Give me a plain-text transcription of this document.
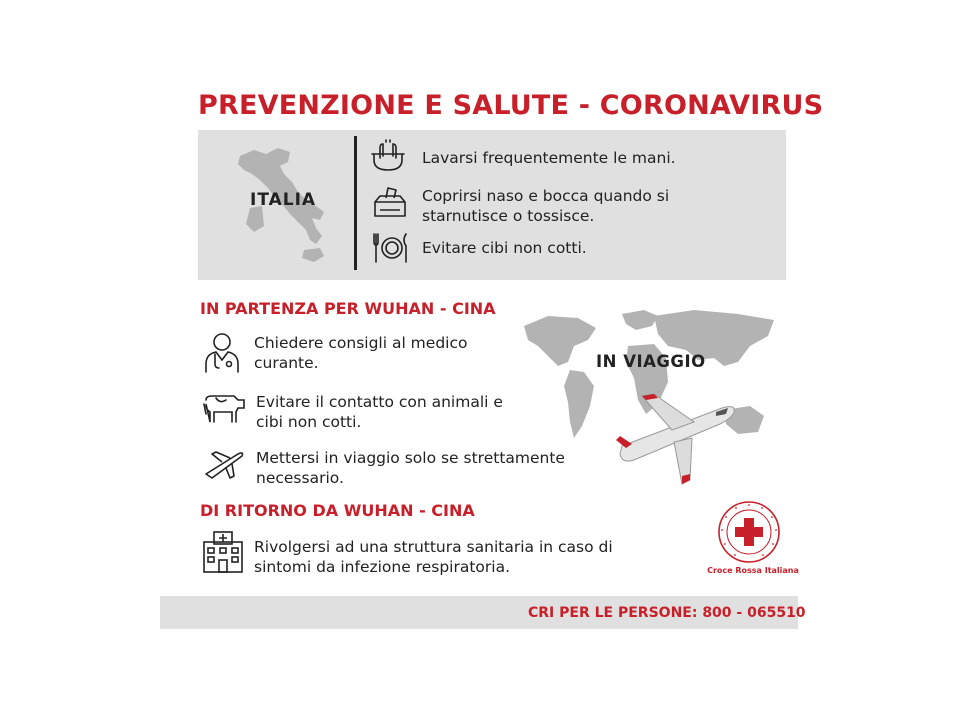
PREVENZIONE E SALUTE - CORONAVIRUS
ITALIA
Lavarsi frequentemente le mani.
Coprirsi naso e bocca quando si
starnutisce o tossisce.
Evitare cibi non cotti.
IN PARTENZA PER WUHAN - CINA
IN VIAGGIO
Chiedere consigli al medico
curante.
Evitare il contatto con animali e
cibi non cotti.
Mettersi in viaggio solo se strettamente
necessario.
DI RITORNO DA WUHAN - CINA
Rivolgersi ad una struttura sanitaria in caso di
sintomi da infezione respiratoria.	Croce Rossa Italiana
CRI PER LE PERSONE: 800 - 065510
